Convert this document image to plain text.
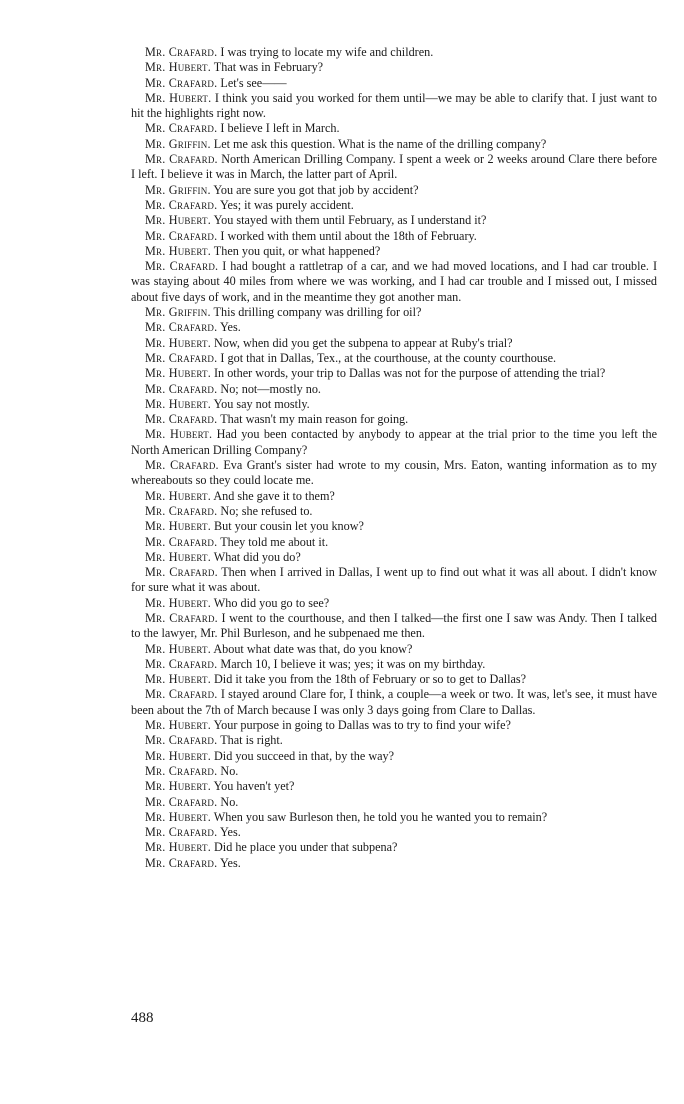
Mr. Crafard. I was trying to locate my wife and children.

Mr. Hubert. That was in February?

Mr. Crafard. Let's see——

Mr. Hubert. I think you said you worked for them until—we may be able to clarify that. I just want to hit the highlights right now.

Mr. Crafard. I believe I left in March.

Mr. Griffin. Let me ask this question. What is the name of the drilling company?

Mr. Crafard. North American Drilling Company. I spent a week or 2 weeks around Clare there before I left. I believe it was in March, the latter part of April.

Mr. Griffin. You are sure you got that job by accident?

Mr. Crafard. Yes; it was purely accident.

Mr. Hubert. You stayed with them until February, as I understand it?

Mr. Crafard. I worked with them until about the 18th of February.

Mr. Hubert. Then you quit, or what happened?

Mr. Crafard. I had bought a rattletrap of a car, and we had moved locations, and I had car trouble. I was staying about 40 miles from where we was working, and I had car trouble and I missed out, I missed about five days of work, and in the meantime they got another man.

Mr. Griffin. This drilling company was drilling for oil?

Mr. Crafard. Yes.

Mr. Hubert. Now, when did you get the subpena to appear at Ruby's trial?

Mr. Crafard. I got that in Dallas, Tex., at the courthouse, at the county courthouse.

Mr. Hubert. In other words, your trip to Dallas was not for the purpose of attending the trial?

Mr. Crafard. No; not—mostly no.

Mr. Hubert. You say not mostly.

Mr. Crafard. That wasn't my main reason for going.

Mr. Hubert. Had you been contacted by anybody to appear at the trial prior to the time you left the North American Drilling Company?

Mr. Crafard. Eva Grant's sister had wrote to my cousin, Mrs. Eaton, wanting information as to my whereabouts so they could locate me.

Mr. Hubert. And she gave it to them?

Mr. Crafard. No; she refused to.

Mr. Hubert. But your cousin let you know?

Mr. Crafard. They told me about it.

Mr. Hubert. What did you do?

Mr. Crafard. Then when I arrived in Dallas, I went up to find out what it was all about. I didn't know for sure what it was about.

Mr. Hubert. Who did you go to see?

Mr. Crafard. I went to the courthouse, and then I talked—the first one I saw was Andy. Then I talked to the lawyer, Mr. Phil Burleson, and he subpenaed me then.

Mr. Hubert. About what date was that, do you know?

Mr. Crafard. March 10, I believe it was; yes; it was on my birthday.

Mr. Hubert. Did it take you from the 18th of February or so to get to Dallas?

Mr. Crafard. I stayed around Clare for, I think, a couple—a week or two. It was, let's see, it must have been about the 7th of March because I was only 3 days going from Clare to Dallas.

Mr. Hubert. Your purpose in going to Dallas was to try to find your wife?

Mr. Crafard. That is right.

Mr. Hubert. Did you succeed in that, by the way?

Mr. Crafard. No.

Mr. Hubert. You haven't yet?

Mr. Crafard. No.

Mr. Hubert. When you saw Burleson then, he told you he wanted you to remain?

Mr. Crafard. Yes.

Mr. Hubert. Did he place you under that subpena?

Mr. Crafard. Yes.

488
